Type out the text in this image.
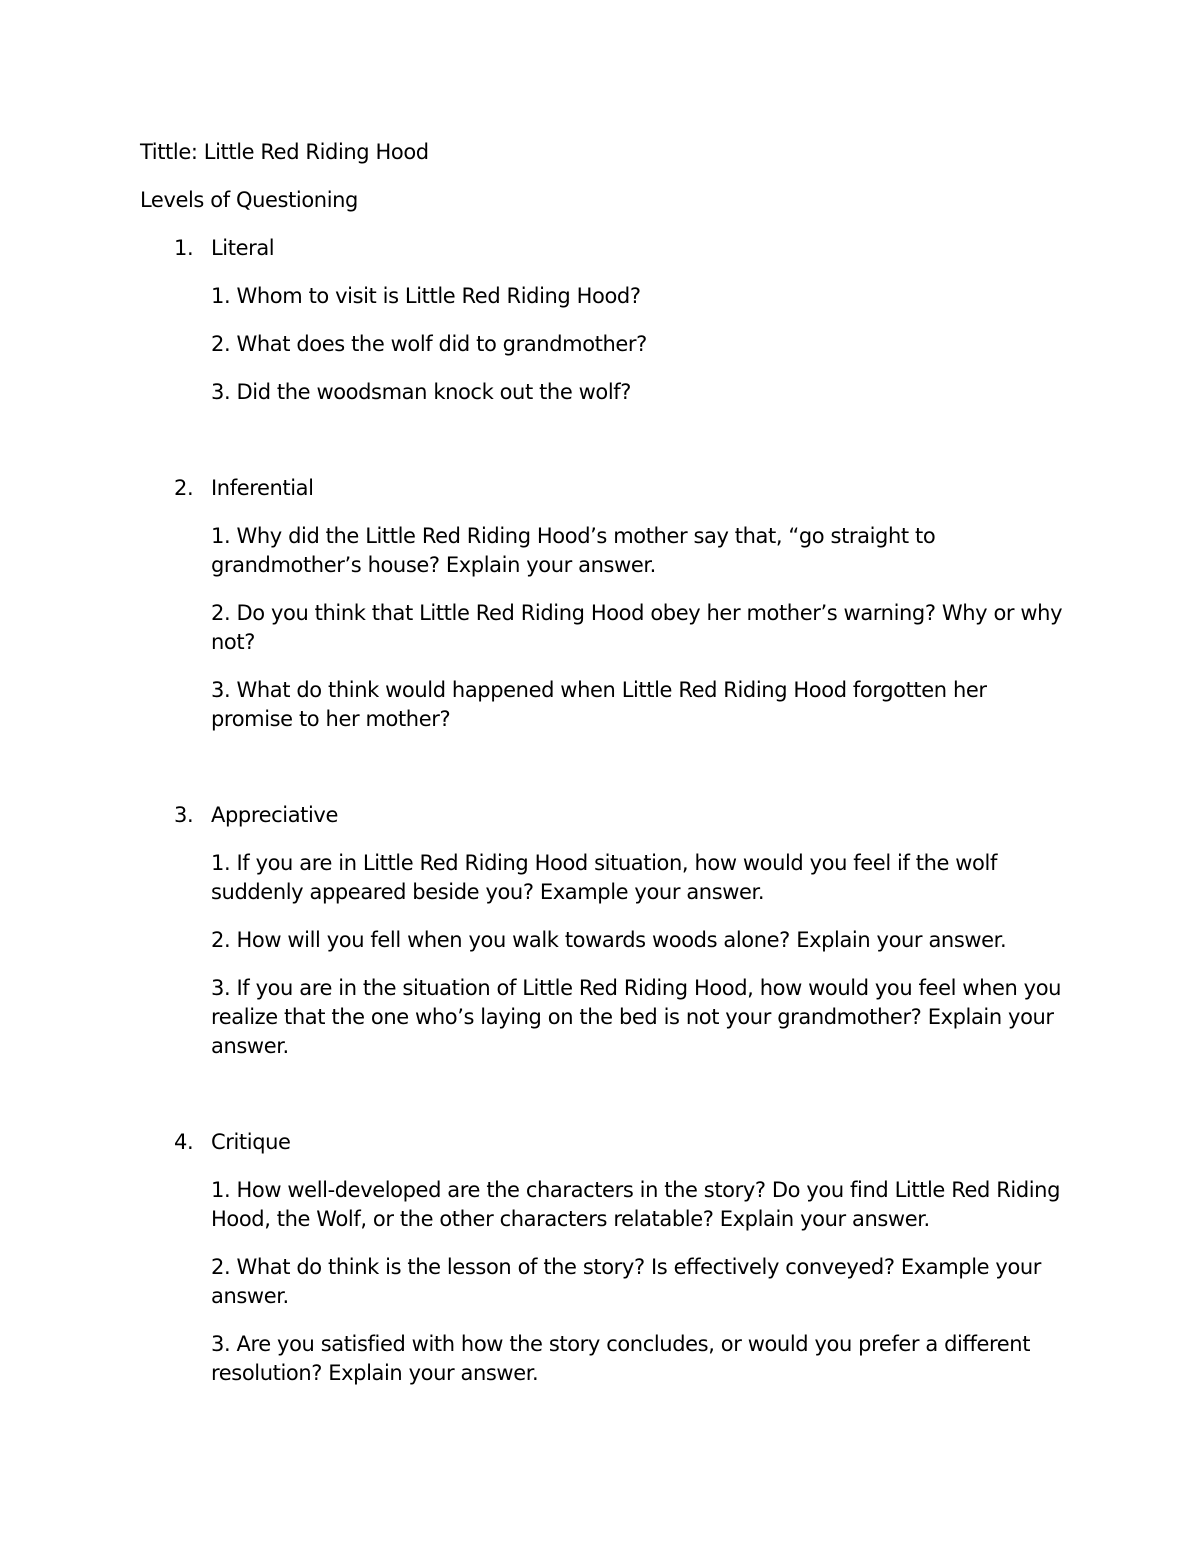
Tittle: Little Red Riding Hood
Levels of Questioning
1. Literal
1. Whom to visit is Little Red Riding Hood?
2. What does the wolf did to grandmother?
3. Did the woodsman knock out the wolf?
2. Inferential
1. Why did the Little Red Riding Hood’s mother say that, “go straight to grandmother’s house? Explain your answer.
2. Do you think that Little Red Riding Hood obey her mother’s warning? Why or why not?
3. What do think would happened when Little Red Riding Hood forgotten her promise to her mother?
3. Appreciative
1. If you are in Little Red Riding Hood situation, how would you feel if the wolf suddenly appeared beside you? Example your answer.
2. How will you fell when you walk towards woods alone? Explain your answer.
3. If you are in the situation of Little Red Riding Hood, how would you feel when you realize that the one who’s laying on the bed is not your grandmother? Explain your answer.
4. Critique
1. How well-developed are the characters in the story? Do you find Little Red Riding Hood, the Wolf, or the other characters relatable? Explain your answer.
2. What do think is the lesson of the story? Is effectively conveyed? Example your answer.
3. Are you satisfied with how the story concludes, or would you prefer a different resolution? Explain your answer.
